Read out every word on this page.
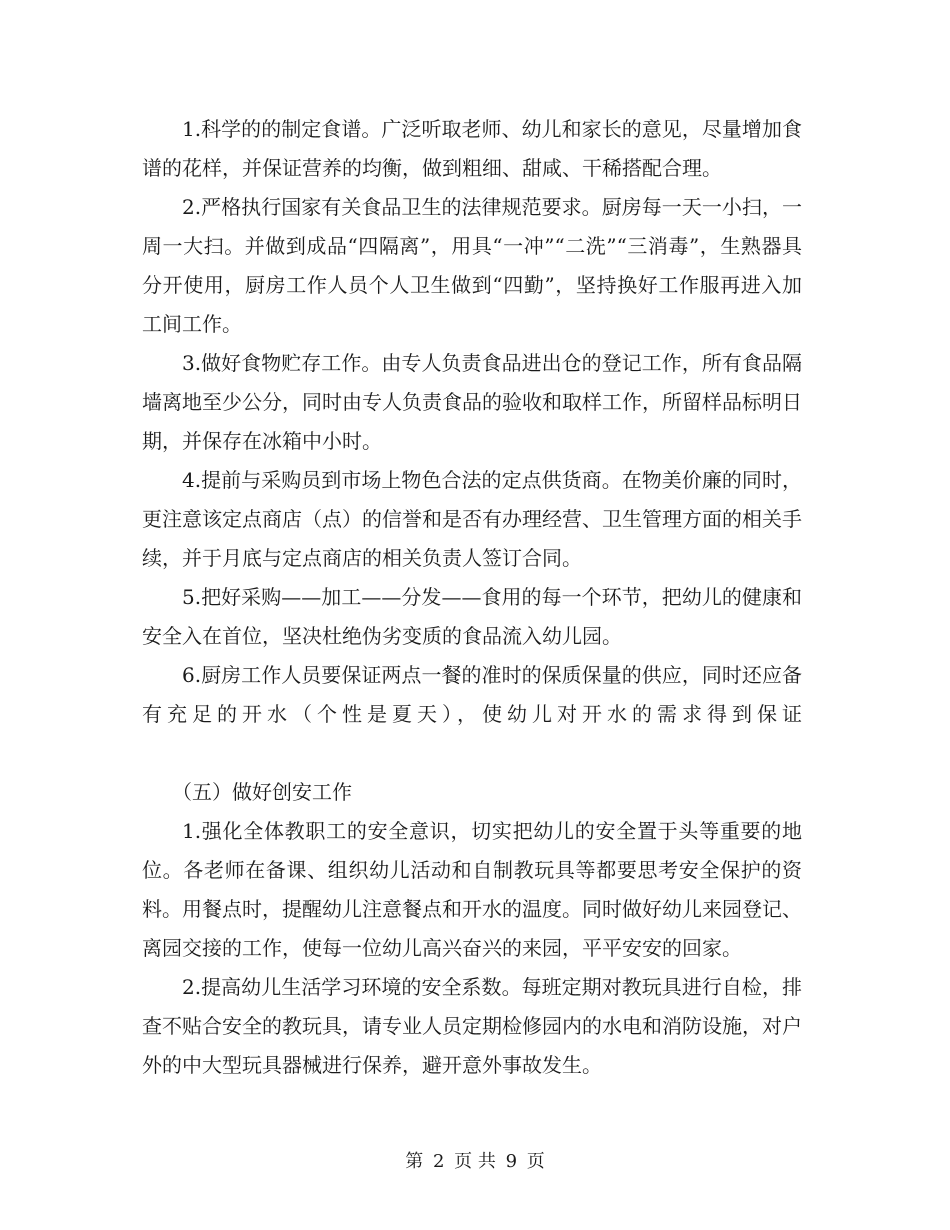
1.科学的的制定食谱。广泛听取老师、幼儿和家长的意见，尽量增加食谱的花样，并保证营养的均衡，做到粗细、甜咸、干稀搭配合理。

2.严格执行国家有关食品卫生的法律规范要求。厨房每一天一小扫，一周一大扫。并做到成品“四隔离”，用具“一冲”“二洗”“三消毒”，生熟器具分开使用，厨房工作人员个人卫生做到“四勤”，坚持换好工作服再进入加工间工作。

3.做好食物贮存工作。由专人负责食品进出仓的登记工作，所有食品隔墙离地至少公分，同时由专人负责食品的验收和取样工作，所留样品标明日期，并保存在冰箱中小时。

4.提前与采购员到市场上物色合法的定点供货商。在物美价廉的同时，更注意该定点商店（点）的信誉和是否有办理经营、卫生管理方面的相关手续，并于月底与定点商店的相关负责人签订合同。

5.把好采购——加工——分发——食用的每一个环节，把幼儿的健康和安全入在首位，坚决杜绝伪劣变质的食品流入幼儿园。

6.厨房工作人员要保证两点一餐的准时的保质保量的供应，同时还应备有充足的开水（个性是夏天），使幼儿对开水的需求得到保证

（五）做好创安工作

1.强化全体教职工的安全意识，切实把幼儿的安全置于头等重要的地位。各老师在备课、组织幼儿活动和自制教玩具等都要思考安全保护的资料。用餐点时，提醒幼儿注意餐点和开水的温度。同时做好幼儿来园登记、离园交接的工作，使每一位幼儿高兴奋兴的来园，平平安安的回家。

2.提高幼儿生活学习环境的安全系数。每班定期对教玩具进行自检，排查不贴合安全的教玩具，请专业人员定期检修园内的水电和消防设施，对户外的中大型玩具器械进行保养，避开意外事故发生。

第 2 页 共 9 页
